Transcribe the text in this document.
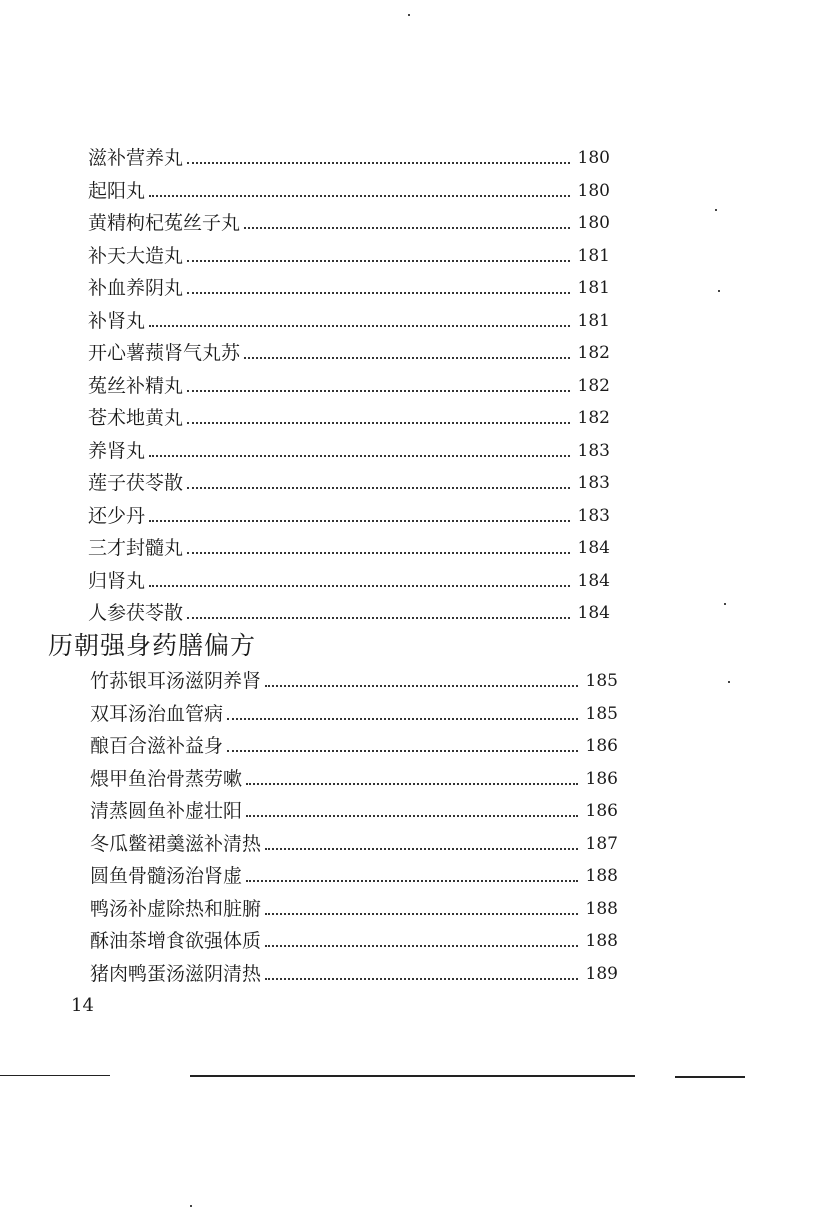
滋补营养丸	180
起阳丸	180
黄精枸杞菟丝子丸	180
补天大造丸	181
补血养阴丸	181
补肾丸	181
开心薯蓣肾气丸苏	182
菟丝补精丸	182
苍术地黄丸	182
养肾丸	183
莲子茯苓散	183
还少丹	183
三才封髓丸	184
归肾丸	184
人参茯苓散	184
历朝强身药膳偏方
竹荪银耳汤滋阴养肾	185
双耳汤治血管病	185
酿百合滋补益身	186
煨甲鱼治骨蒸劳嗽	186
清蒸圆鱼补虚壮阳	186
冬瓜鳖裙羹滋补清热	187
圆鱼骨髓汤治肾虚	188
鸭汤补虚除热和脏腑	188
酥油茶增食欲强体质	188
猪肉鸭蛋汤滋阴清热	189
14
